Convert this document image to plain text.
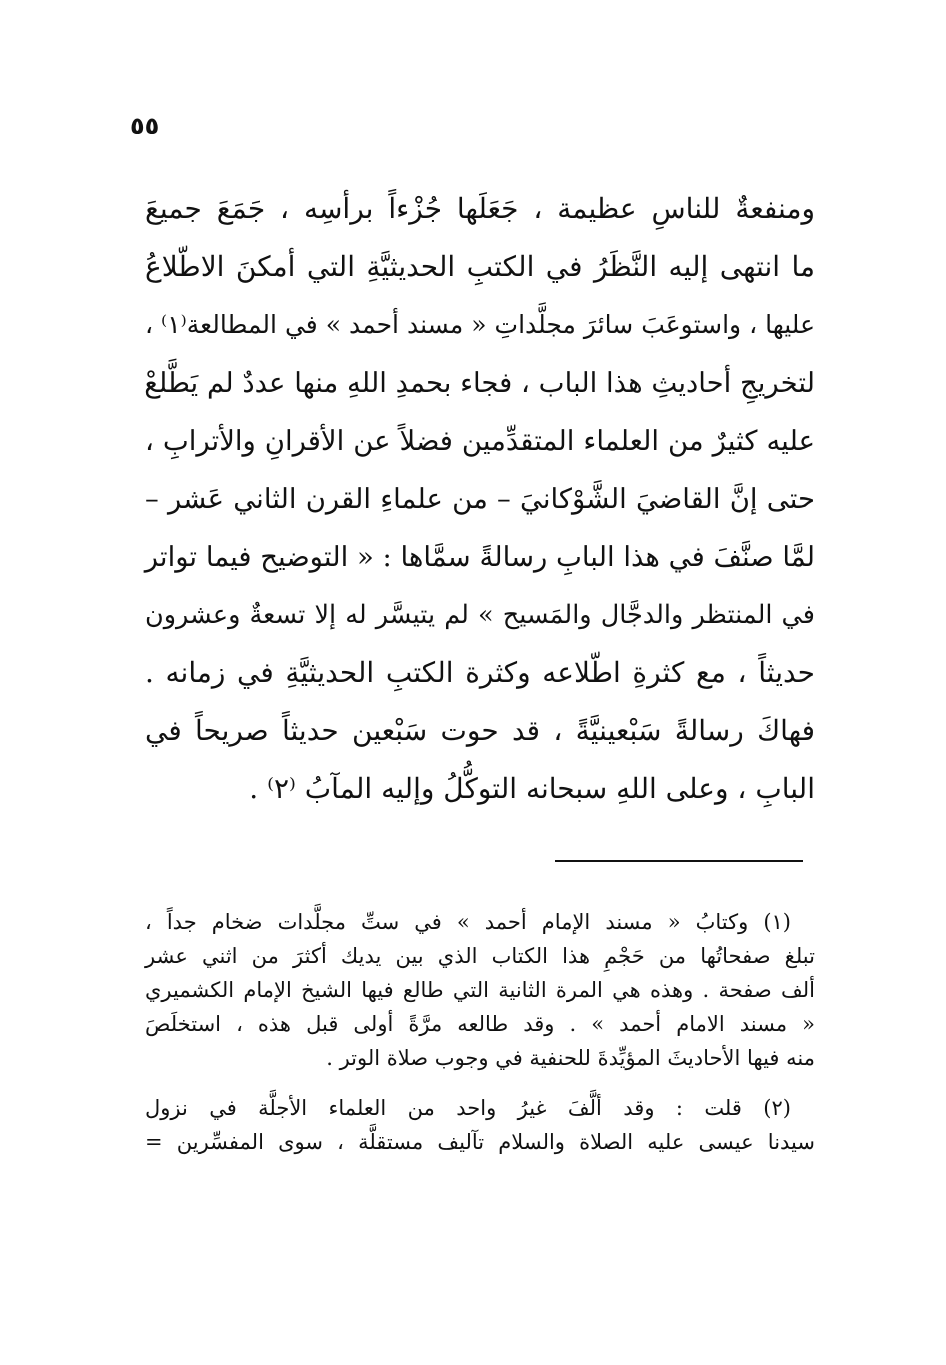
٥٥
ومنفعةٌ للناسِ عظيمة ، جَعَلَها جُزْءاً برأسِه ، جَمَعَ جميعَ
ما انتهى إليه النَّظَرُ في الكتبِ الحديثيَّةِ التي أمكنَ الاطّلاعُ
عليها ، واستوعَبَ سائرَ مجلَّداتِ « مسند أحمد » في المطالعة⁽١⁾ ،
لتخريجِ أحاديثِ هذا الباب ، فجاء بحمدِ اللهِ منها عددٌ لم يَطَّلعْ
عليه كثيرٌ من العلماء المتقدِّمين فضلاً عن الأقرانِ والأترابِ ،
حتى إنَّ القاضيَ الشَّوْكانيَ – من علماءِ القرن الثاني عَشر –
لمَّا صنَّفَ في هذا البابِ رسالةً سمَّاها : « التوضيح فيما تواتر
في المنتظر والدجَّال والمَسيح » لم يتيسَّر له إلا تسعةٌ وعشرون
حديثاً ، مع كثرةِ اطّلاعه وكثرة الكتبِ الحديثيَّةِ في زمانه .
فهاكَ رسالةً سَبْعينيَّةً ، قد حوت سَبْعين حديثاً صريحاً في
البابِ ، وعلى اللهِ سبحانه التوكُّلُ وإليه المآبُ ⁽٢⁾ .
(١) وكتابُ « مسند الإمام أحمد » في ستِّ مجلَّدات ضخام جداً ،
تبلغ صفحاتُها من حَجْمِ هذا الكتاب الذي بين يديك أكثرَ من اثني عشر
ألف صفحة . وهذه هي المرة الثانية التي طالع فيها الشيخ الإمام الكشميري
« مسند الامام أحمد » . وقد طالعه مرَّةً أولى قبل هذه ، استخلَصَ
منه فيها الأحاديثَ المؤيِّدةَ للحنفية في وجوب صلاة الوتر .
(٢) قلت : وقد ألَّفَ غيرُ واحد من العلماء الأجلَّة في نزول
سيدنا عيسى عليه الصلاة والسلام تآليف مستقلَّة ، سوى المفسِّرين =
